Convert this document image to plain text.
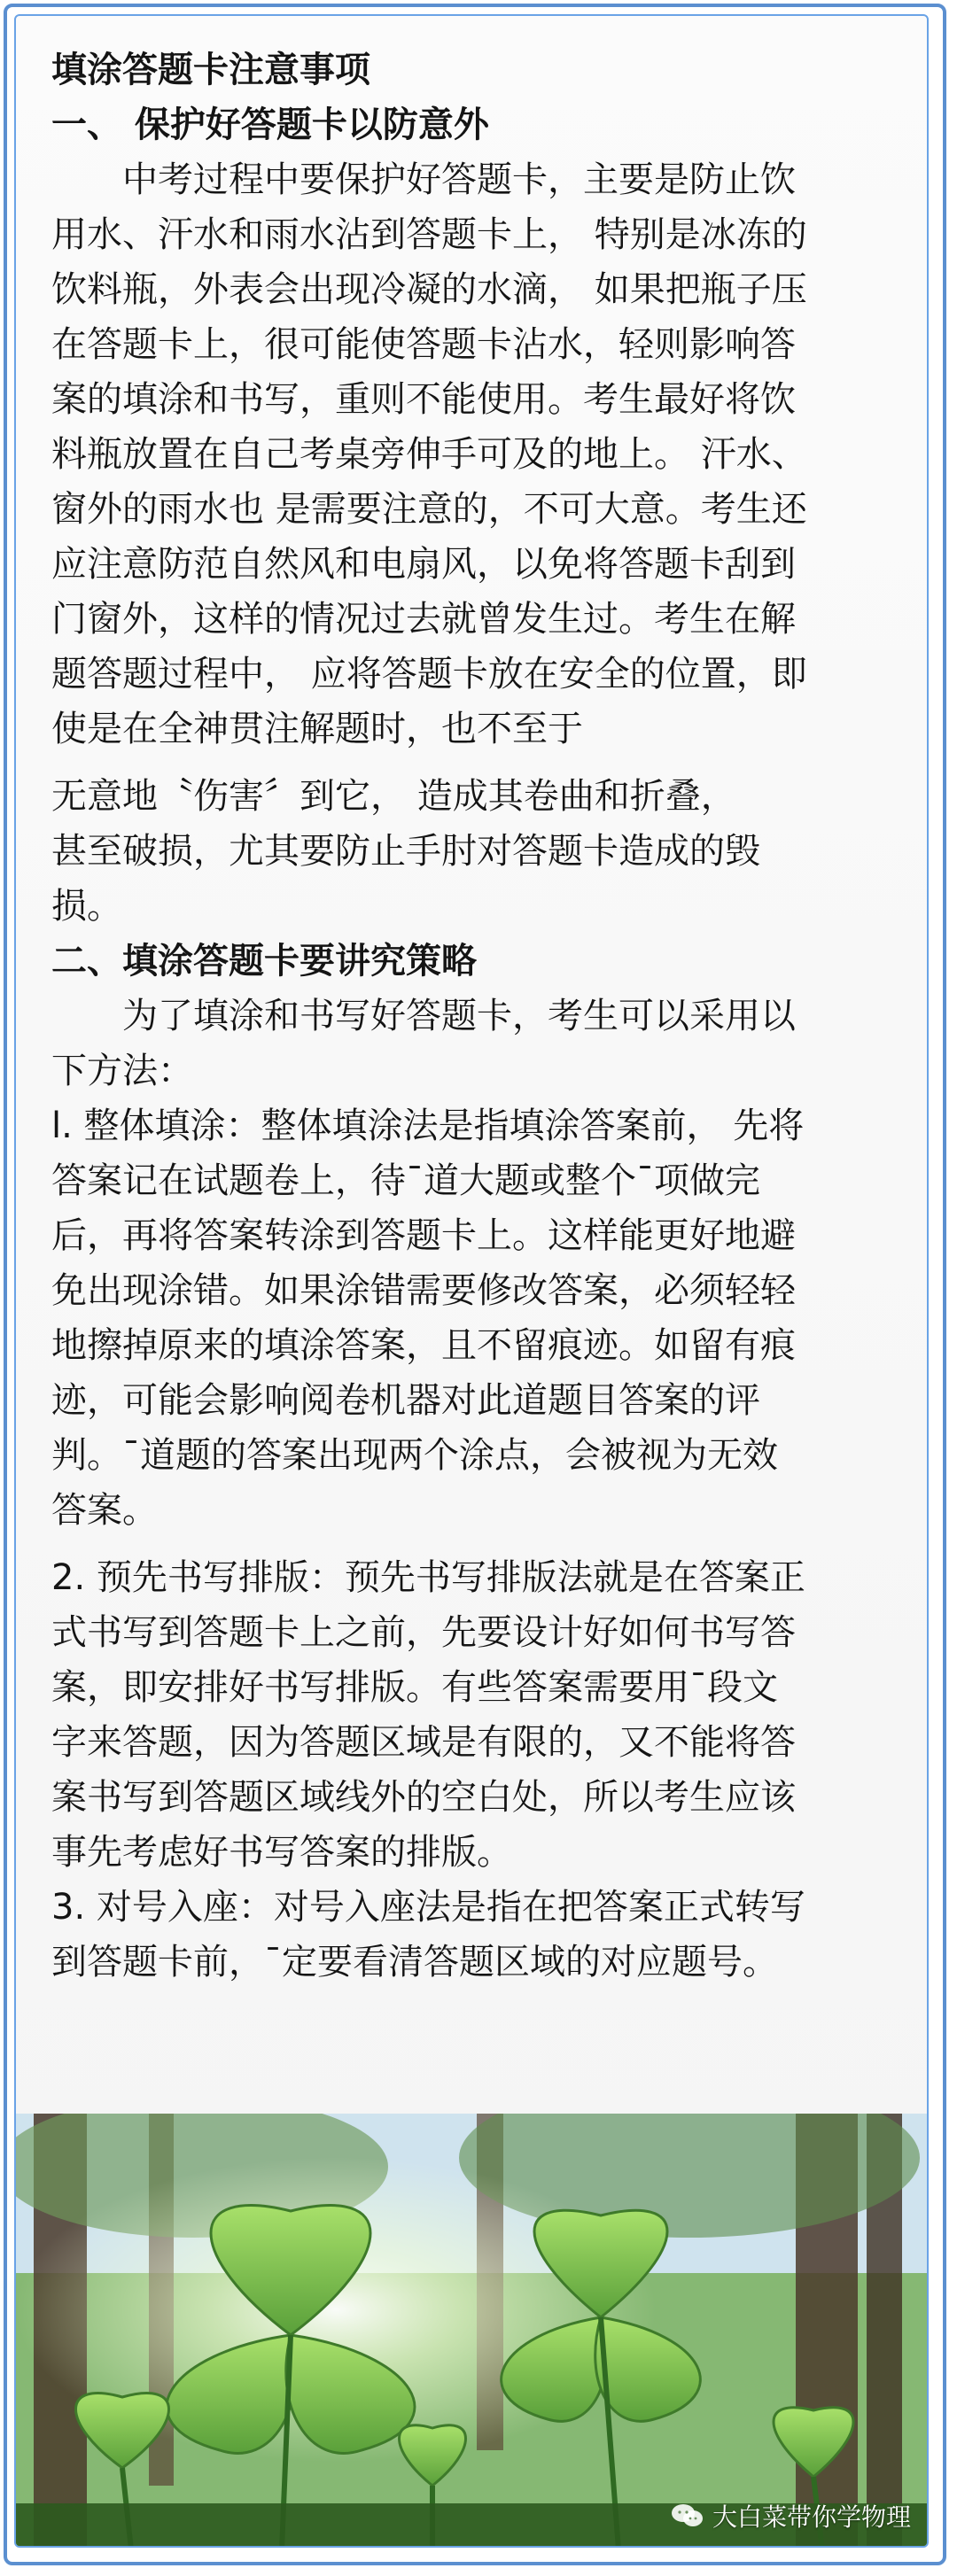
填涂答题卡注意事项

一、 保护好答题卡以防意外

中考过程中要保护好答题卡，主要是防止饮

用水、汗水和雨水沾到答题卡上， 特别是冰冻的

饮料瓶，外表会出现冷凝的水滴， 如果把瓶子压

在答题卡上，很可能使答题卡沾水，轻则影响答

案的填涂和书写，重则不能使用。考生最好将饮

料瓶放置在自己考桌旁伸手可及的地上。 汗水、

窗外的雨水也 是需要注意的，不可大意。考生还

应注意防范自然风和电扇风，以免将答题卡刮到

门窗外，这样的情况过去就曾发生过。考生在解

题答题过程中， 应将答题卡放在安全的位置，即

使是在全神贯注解题时，也不至于

无意地〝伤害〞到它， 造成其卷曲和折叠，

甚至破损，尤其要防止手肘对答题卡造成的毁

损。

二、填涂答题卡要讲究策略

为了填涂和书写好答题卡，考生可以采用以

下方法：

l. 整体填涂：整体填涂法是指填涂答案前， 先将

答案记在试题卷上，待¯道大题或整个¯项做完

后，再将答案转涂到答题卡上。这样能更好地避

免出现涂错。如果涂错需要修改答案，必须轻轻

地擦掉原来的填涂答案，且不留痕迹。如留有痕

迹，可能会影响阅卷机器对此道题目答案的评

判。¯道题的答案出现两个涂点，会被视为无效

答案。

2. 预先书写排版：预先书写排版法就是在答案正

式书写到答题卡上之前，先要设计好如何书写答

案，即安排好书写排版。有些答案需要用¯段文

字来答题，因为答题区域是有限的，又不能将答

案书写到答题区域线外的空白处，所以考生应该

事先考虑好书写答案的排版。

3. 对号入座：对号入座法是指在把答案正式转写

到答题卡前，¯定要看清答题区域的对应题号。

大白菜带你学物理
